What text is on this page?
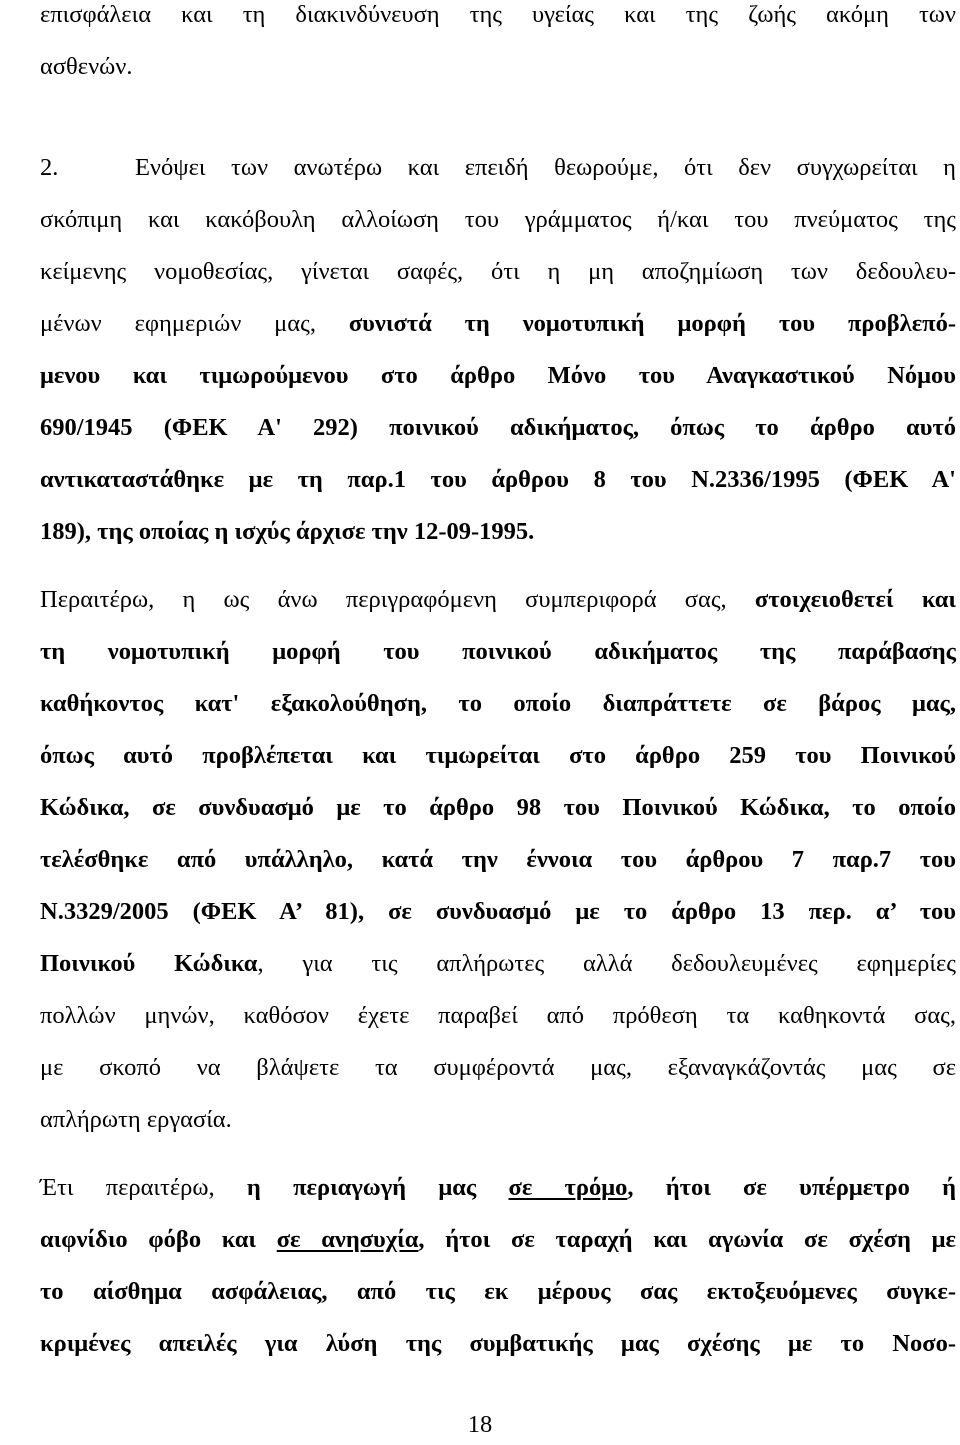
επισφάλεια και τη διακινδύνευση της υγείας και της ζωής ακόμη των
ασθενών.
2.	Ενόψει των ανωτέρω και επειδή θεωρούμε, ότι δεν συγχωρείται η
σκόπιμη και κακόβουλη αλλοίωση του γράμματος ή/και του πνεύματος της
κείμενης νομοθεσίας, γίνεται σαφές, ότι η μη αποζημίωση των δεδουλευ-
μένων εφημεριών μας, συνιστά τη νομοτυπική μορφή του προβλεπό-
μενου και τιμωρούμενου στο άρθρο Μόνο του Αναγκαστικού Νόμου
690/1945 (ΦΕΚ Α' 292) ποινικού αδικήματος, όπως το άρθρο αυτό
αντικαταστάθηκε με τη παρ.1 του άρθρου 8 του Ν.2336/1995 (ΦΕΚ Α'
189), της οποίας η ισχύς άρχισε την 12-09-1995.
Περαιτέρω, η ως άνω περιγραφόμενη συμπεριφορά σας, στοιχειοθετεί και
τη νομοτυπική μορφή του ποινικού αδικήματος της παράβασης
καθήκοντος κατ' εξακολούθηση, το οποίο διαπράττετε σε βάρος μας,
όπως αυτό προβλέπεται και τιμωρείται στο άρθρο 259 του Ποινικού
Κώδικα, σε συνδυασμό με το άρθρο 98 του Ποινικού Κώδικα, το οποίο
τελέσθηκε από υπάλληλο, κατά την έννοια του άρθρου 7 παρ.7 του
Ν.3329/2005 (ΦΕΚ Α’ 81), σε συνδυασμό με το άρθρο 13 περ. α’ του
Ποινικού Κώδικα, για τις απλήρωτες αλλά δεδουλευμένες εφημερίες
πολλών μηνών, καθόσον έχετε παραβεί από πρόθεση τα καθηκοντά σας,
με σκοπό να βλάψετε τα συμφέροντά μας, εξαναγκάζοντάς μας σε
απλήρωτη εργασία.
Έτι περαιτέρω, η περιαγωγή μας σε τρόμο, ήτοι σε υπέρμετρο ή
αιφνίδιο φόβο και σε ανησυχία, ήτοι σε ταραχή και αγωνία σε σχέση με
το αίσθημα ασφάλειας, από τις εκ μέρους σας εκτοξευόμενες συγκε-
κριμένες απειλές για λύση της συμβατικής μας σχέσης με το Νοσο-
18
